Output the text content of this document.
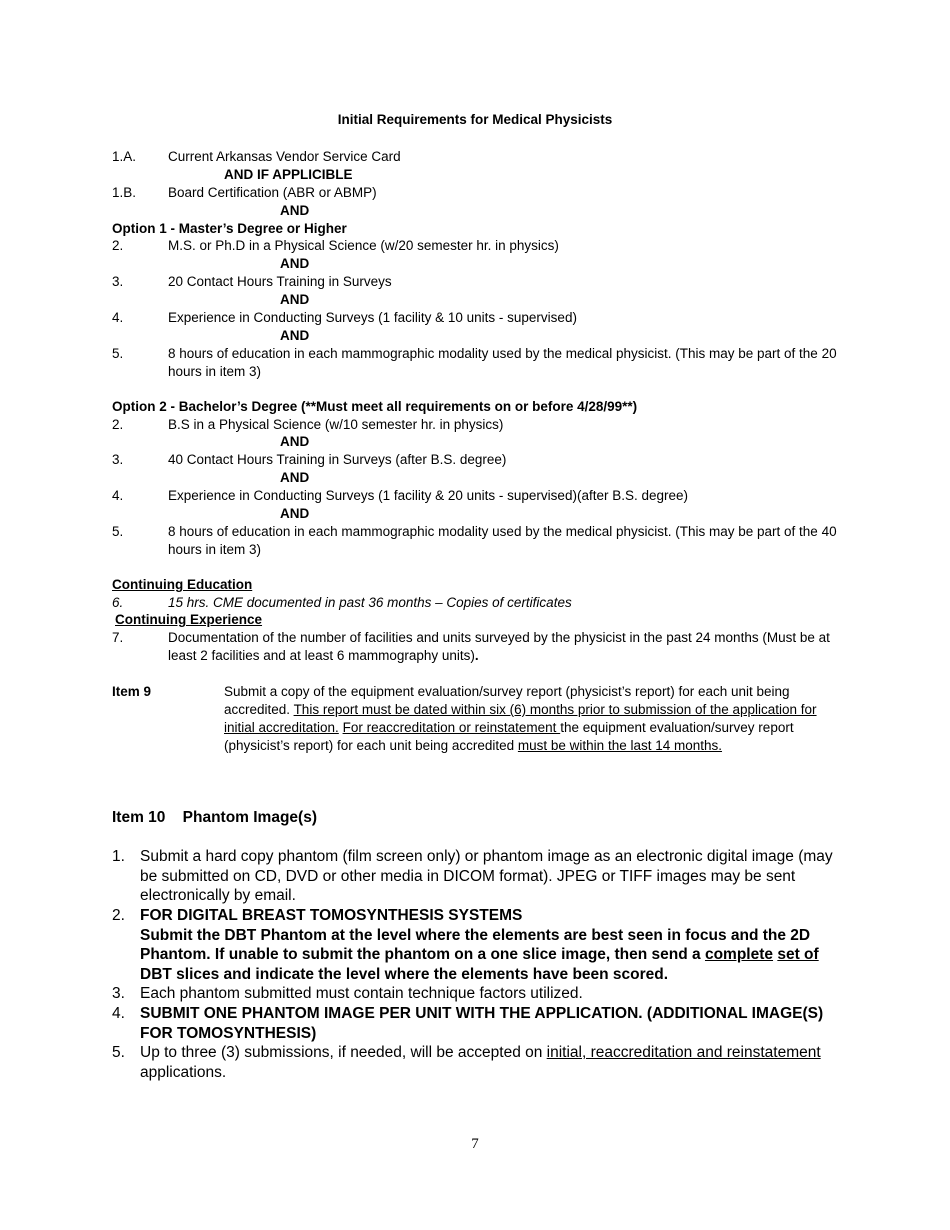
Initial Requirements for Medical Physicists
1.A. Current Arkansas Vendor Service Card
AND IF APPLICIBLE
1.B. Board Certification (ABR or ABMP)
AND
Option 1 - Master’s Degree or Higher
2.	M.S. or Ph.D in a Physical Science (w/20 semester hr. in physics)
AND
3.	20 Contact Hours Training in Surveys
AND
4.	Experience in Conducting Surveys (1 facility & 10 units - supervised)
AND
5.	8 hours of education in each mammographic modality used by the medical physicist. (This may be part of the 20 hours in item 3)
Option 2 - Bachelor’s Degree (**Must meet all requirements on or before 4/28/99**)
2.	B.S in a Physical Science (w/10 semester hr. in physics)
AND
3.	40 Contact Hours Training in Surveys (after B.S. degree)
AND
4.	Experience in Conducting Surveys (1 facility & 20 units - supervised)(after B.S. degree)
AND
5.	8 hours of education in each mammographic modality used by the medical physicist. (This may be part of the 40 hours in item 3)
Continuing Education
6.	15 hrs. CME documented in past 36 months – Copies of certificates
Continuing Experience
7.	Documentation of the number of facilities and units surveyed by the physicist in the past 24 months (Must be at least 2 facilities and at least 6 mammography units).
Item 9	Submit a copy of the equipment evaluation/survey report (physicist’s report) for each unit being accredited. This report must be dated within six (6) months prior to submission of the application for initial accreditation. For reaccreditation or reinstatement the equipment evaluation/survey report (physicist’s report) for each unit being accredited must be within the last 14 months.
Item 10    Phantom Image(s)
1. Submit a hard copy phantom (film screen only) or phantom image as an electronic digital image (may be submitted on CD, DVD or other media in DICOM format). JPEG or TIFF images may be sent electronically by email.
2. FOR DIGITAL BREAST TOMOSYNTHESIS SYSTEMS
Submit the DBT Phantom at the level where the elements are best seen in focus and the 2D Phantom. If unable to submit the phantom on a one slice image, then send a complete set of DBT slices and indicate the level where the elements have been scored.
3. Each phantom submitted must contain technique factors utilized.
4. SUBMIT ONE PHANTOM IMAGE PER UNIT WITH THE APPLICATION. (ADDITIONAL IMAGE(S) FOR TOMOSYNTHESIS)
5. Up to three (3) submissions, if needed, will be accepted on initial, reaccreditation and reinstatement applications.
7
